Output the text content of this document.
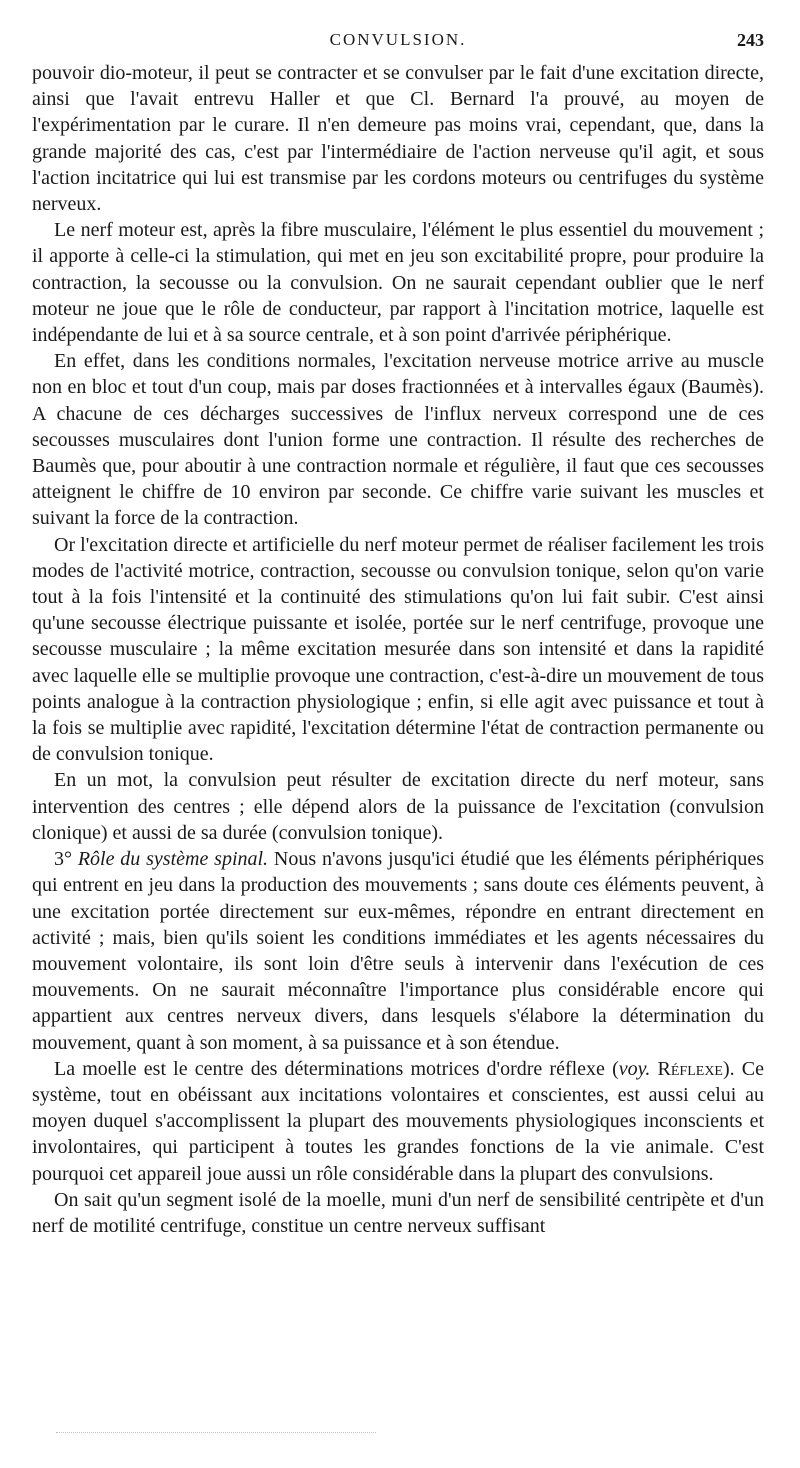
CONVULSION.	243

pouvoir dio-moteur, il peut se contracter et se convulser par le fait d'une excitation directe, ainsi que l'avait entrevu Haller et que Cl. Bernard l'a prouvé, au moyen de l'expérimentation par le curare. Il n'en demeure pas moins vrai, cependant, que, dans la grande majorité des cas, c'est par l'intermédiaire de l'action nerveuse qu'il agit, et sous l'action incitatrice qui lui est transmise par les cordons moteurs ou centrifuges du système nerveux.

Le nerf moteur est, après la fibre musculaire, l'élément le plus essentiel du mouvement ; il apporte à celle-ci la stimulation, qui met en jeu son excitabilité propre, pour produire la contraction, la secousse ou la convulsion. On ne saurait cependant oublier que le nerf moteur ne joue que le rôle de conducteur, par rapport à l'incitation motrice, laquelle est indépendante de lui et à sa source centrale, et à son point d'arrivée périphérique.

En effet, dans les conditions normales, l'excitation nerveuse motrice arrive au muscle non en bloc et tout d'un coup, mais par doses fractionnées et à intervalles égaux (Baumès). A chacune de ces décharges successives de l'influx nerveux correspond une de ces secousses musculaires dont l'union forme une contraction. Il résulte des recherches de Baumès que, pour aboutir à une contraction normale et régulière, il faut que ces secousses atteignent le chiffre de 10 environ par seconde. Ce chiffre varie suivant les muscles et suivant la force de la contraction.

Or l'excitation directe et artificielle du nerf moteur permet de réaliser facilement les trois modes de l'activité motrice, contraction, secousse ou convulsion tonique, selon qu'on varie tout à la fois l'intensité et la continuité des stimulations qu'on lui fait subir. C'est ainsi qu'une secousse électrique puissante et isolée, portée sur le nerf centrifuge, provoque une secousse musculaire ; la même excitation mesurée dans son intensité et dans la rapidité avec laquelle elle se multiplie provoque une contraction, c'est-à-dire un mouvement de tous points analogue à la contraction physiologique ; enfin, si elle agit avec puissance et tout à la fois se multiplie avec rapidité, l'excitation détermine l'état de contraction permanente ou de convulsion tonique.

En un mot, la convulsion peut résulter de excitation directe du nerf moteur, sans intervention des centres ; elle dépend alors de la puissance de l'excitation (convulsion clonique) et aussi de sa durée (convulsion tonique).

3° Rôle du système spinal. Nous n'avons jusqu'ici étudié que les éléments périphériques qui entrent en jeu dans la production des mouvements ; sans doute ces éléments peuvent, à une excitation portée directement sur eux-mêmes, répondre en entrant directement en activité ; mais, bien qu'ils soient les conditions immédiates et les agents nécessaires du mouvement volontaire, ils sont loin d'être seuls à intervenir dans l'exécution de ces mouvements. On ne saurait méconnaître l'importance plus considérable encore qui appartient aux centres nerveux divers, dans lesquels s'élabore la détermination du mouvement, quant à son moment, à sa puissance et à son étendue.

La moelle est le centre des déterminations motrices d'ordre réflexe (voy. Réflexe). Ce système, tout en obéissant aux incitations volontaires et conscientes, est aussi celui au moyen duquel s'accomplissent la plupart des mouvements physiologiques inconscients et involontaires, qui participent à toutes les grandes fonctions de la vie animale. C'est pourquoi cet appareil joue aussi un rôle considérable dans la plupart des convulsions.

On sait qu'un segment isolé de la moelle, muni d'un nerf de sensibilité centripète et d'un nerf de motilité centrifuge, constitue un centre nerveux suffisant
